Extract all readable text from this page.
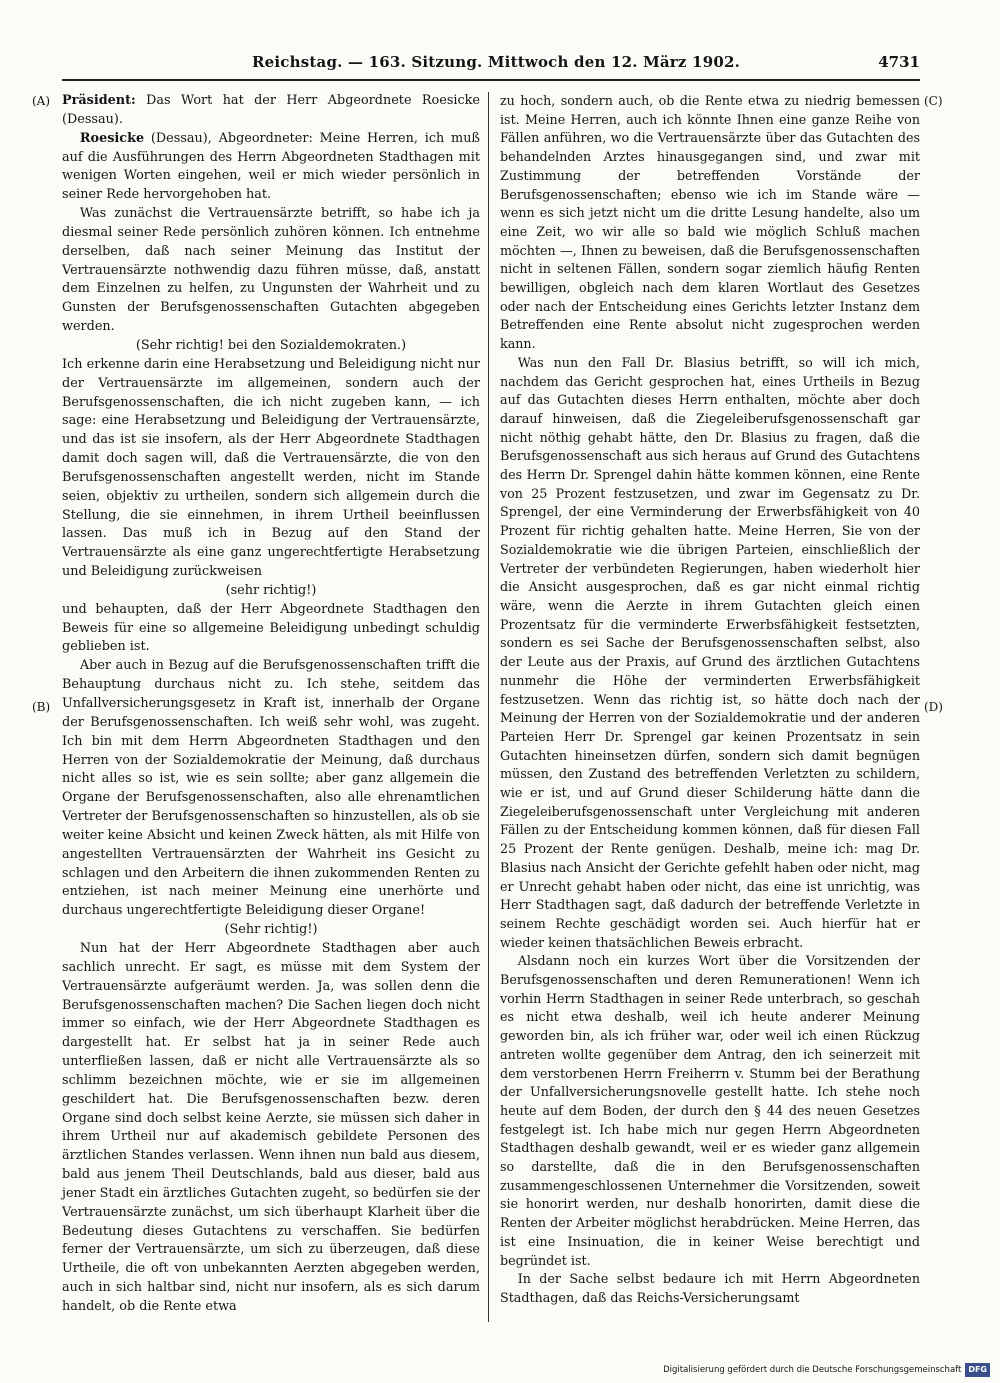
Reichstag. — 163. Sitzung. Mittwoch den 12. März 1902.	4731
(A)
(B)
(C)
(D)

Präsident: Das Wort hat der Herr Abgeordnete Roesicke (Dessau).

Roesicke (Dessau), Abgeordneter: Meine Herren, ich muß auf die Ausführungen des Herrn Abgeordneten Stadthagen mit wenigen Worten eingehen, weil er mich wieder persönlich in seiner Rede hervorgehoben hat.

Was zunächst die Vertrauensärzte betrifft, so habe ich ja diesmal seiner Rede persönlich zuhören können. Ich entnehme derselben, daß nach seiner Meinung das Institut der Vertrauensärzte nothwendig dazu führen müsse, daß, anstatt dem Einzelnen zu helfen, zu Ungunsten der Wahrheit und zu Gunsten der Berufsgenossenschaften Gutachten abgegeben werden.

(Sehr richtig! bei den Sozialdemokraten.)

Ich erkenne darin eine Herabsetzung und Beleidigung nicht nur der Vertrauensärzte im allgemeinen, sondern auch der Berufsgenossenschaften, die ich nicht zugeben kann, — ich sage: eine Herabsetzung und Beleidigung der Vertrauensärzte, und das ist sie insofern, als der Herr Abgeordnete Stadthagen damit doch sagen will, daß die Vertrauensärzte, die von den Berufsgenossenschaften angestellt werden, nicht im Stande seien, objektiv zu urtheilen, sondern sich allgemein durch die Stellung, die sie einnehmen, in ihrem Urtheil beeinflussen lassen. Das muß ich in Bezug auf den Stand der Vertrauensärzte als eine ganz ungerechtfertigte Herabsetzung und Beleidigung zurückweisen

(sehr richtig!)

und behaupten, daß der Herr Abgeordnete Stadthagen den Beweis für eine so allgemeine Beleidigung unbedingt schuldig geblieben ist.

Aber auch in Bezug auf die Berufsgenossenschaften trifft die Behauptung durchaus nicht zu. Ich stehe, seitdem das Unfallversicherungsgesetz in Kraft ist, innerhalb der Organe der Berufsgenossenschaften. Ich weiß sehr wohl, was zugeht. Ich bin mit dem Herrn Abgeordneten Stadthagen und den Herren von der Sozialdemokratie der Meinung, daß durchaus nicht alles so ist, wie es sein sollte; aber ganz allgemein die Organe der Berufsgenossenschaften, also alle ehrenamtlichen Vertreter der Berufsgenossenschaften so hinzustellen, als ob sie weiter keine Absicht und keinen Zweck hätten, als mit Hilfe von angestellten Vertrauensärzten der Wahrheit ins Gesicht zu schlagen und den Arbeitern die ihnen zukommenden Renten zu entziehen, ist nach meiner Meinung eine unerhörte und durchaus ungerechtfertigte Beleidigung dieser Organe!

(Sehr richtig!)

Nun hat der Herr Abgeordnete Stadthagen aber auch sachlich unrecht. Er sagt, es müsse mit dem System der Vertrauensärzte aufgeräumt werden. Ja, was sollen denn die Berufsgenossenschaften machen? Die Sachen liegen doch nicht immer so einfach, wie der Herr Abgeordnete Stadthagen es dargestellt hat. Er selbst hat ja in seiner Rede auch unterfließen lassen, daß er nicht alle Vertrauensärzte als so schlimm bezeichnen möchte, wie er sie im allgemeinen geschildert hat. Die Berufsgenossenschaften bezw. deren Organe sind doch selbst keine Aerzte, sie müssen sich daher in ihrem Urtheil nur auf akademisch gebildete Personen des ärztlichen Standes verlassen. Wenn ihnen nun bald aus diesem, bald aus jenem Theil Deutschlands, bald aus dieser, bald aus jener Stadt ein ärztliches Gutachten zugeht, so bedürfen sie der Vertrauensärzte zunächst, um sich überhaupt Klarheit über die Bedeutung dieses Gutachtens zu verschaffen. Sie bedürfen ferner der Vertrauensärzte, um sich zu überzeugen, daß diese Urtheile, die oft von unbekannten Aerzten abgegeben werden, auch in sich haltbar sind, nicht nur insofern, als es sich darum handelt, ob die Rente etwa

zu hoch, sondern auch, ob die Rente etwa zu niedrig bemessen ist. Meine Herren, auch ich könnte Ihnen eine ganze Reihe von Fällen anführen, wo die Vertrauensärzte über das Gutachten des behandelnden Arztes hinausgegangen sind, und zwar mit Zustimmung der betreffenden Vorstände der Berufsgenossenschaften; ebenso wie ich im Stande wäre — wenn es sich jetzt nicht um die dritte Lesung handelte, also um eine Zeit, wo wir alle so bald wie möglich Schluß machen möchten —, Ihnen zu beweisen, daß die Berufsgenossenschaften nicht in seltenen Fällen, sondern sogar ziemlich häufig Renten bewilligen, obgleich nach dem klaren Wortlaut des Gesetzes oder nach der Entscheidung eines Gerichts letzter Instanz dem Betreffenden eine Rente absolut nicht zugesprochen werden kann.

Was nun den Fall Dr. Blasius betrifft, so will ich mich, nachdem das Gericht gesprochen hat, eines Urtheils in Bezug auf das Gutachten dieses Herrn enthalten, möchte aber doch darauf hinweisen, daß die Ziegeleiberufsgenossenschaft gar nicht nöthig gehabt hätte, den Dr. Blasius zu fragen, daß die Berufsgenossenschaft aus sich heraus auf Grund des Gutachtens des Herrn Dr. Sprengel dahin hätte kommen können, eine Rente von 25 Prozent festzusetzen, und zwar im Gegensatz zu Dr. Sprengel, der eine Verminderung der Erwerbsfähigkeit von 40 Prozent für richtig gehalten hatte. Meine Herren, Sie von der Sozialdemokratie wie die übrigen Parteien, einschließlich der Vertreter der verbündeten Regierungen, haben wiederholt hier die Ansicht ausgesprochen, daß es gar nicht einmal richtig wäre, wenn die Aerzte in ihrem Gutachten gleich einen Prozentsatz für die verminderte Erwerbsfähigkeit festsetzten, sondern es sei Sache der Berufsgenossenschaften selbst, also der Leute aus der Praxis, auf Grund des ärztlichen Gutachtens nunmehr die Höhe der verminderten Erwerbsfähigkeit festzusetzen. Wenn das richtig ist, so hätte doch nach der Meinung der Herren von der Sozialdemokratie und der anderen Parteien Herr Dr. Sprengel gar keinen Prozentsatz in sein Gutachten hineinsetzen dürfen, sondern sich damit begnügen müssen, den Zustand des betreffenden Verletzten zu schildern, wie er ist, und auf Grund dieser Schilderung hätte dann die Ziegeleiberufsgenossenschaft unter Vergleichung mit anderen Fällen zu der Entscheidung kommen können, daß für diesen Fall 25 Prozent der Rente genügen. Deshalb, meine ich: mag Dr. Blasius nach Ansicht der Gerichte gefehlt haben oder nicht, mag er Unrecht gehabt haben oder nicht, das eine ist unrichtig, was Herr Stadthagen sagt, daß dadurch der betreffende Verletzte in seinem Rechte geschädigt worden sei. Auch hierfür hat er wieder keinen thatsächlichen Beweis erbracht.

Alsdann noch ein kurzes Wort über die Vorsitzenden der Berufsgenossenschaften und deren Remunerationen! Wenn ich vorhin Herrn Stadthagen in seiner Rede unterbrach, so geschah es nicht etwa deshalb, weil ich heute anderer Meinung geworden bin, als ich früher war, oder weil ich einen Rückzug antreten wollte gegenüber dem Antrag, den ich seinerzeit mit dem verstorbenen Herrn Freiherrn v. Stumm bei der Berathung der Unfallversicherungsnovelle gestellt hatte. Ich stehe noch heute auf dem Boden, der durch den § 44 des neuen Gesetzes festgelegt ist. Ich habe mich nur gegen Herrn Abgeordneten Stadthagen deshalb gewandt, weil er es wieder ganz allgemein so darstellte, daß die in den Berufsgenossenschaften zusammengeschlossenen Unternehmer die Vorsitzenden, soweit sie honorirt werden, nur deshalb honorirten, damit diese die Renten der Arbeiter möglichst herabdrücken. Meine Herren, das ist eine Insinuation, die in keiner Weise berechtigt und begründet ist.

In der Sache selbst bedaure ich mit Herrn Abgeordneten Stadthagen, daß das Reichs-Versicherungsamt

Digitalisierung gefördert durch die Deutsche Forschungsgemeinschaft DFG
